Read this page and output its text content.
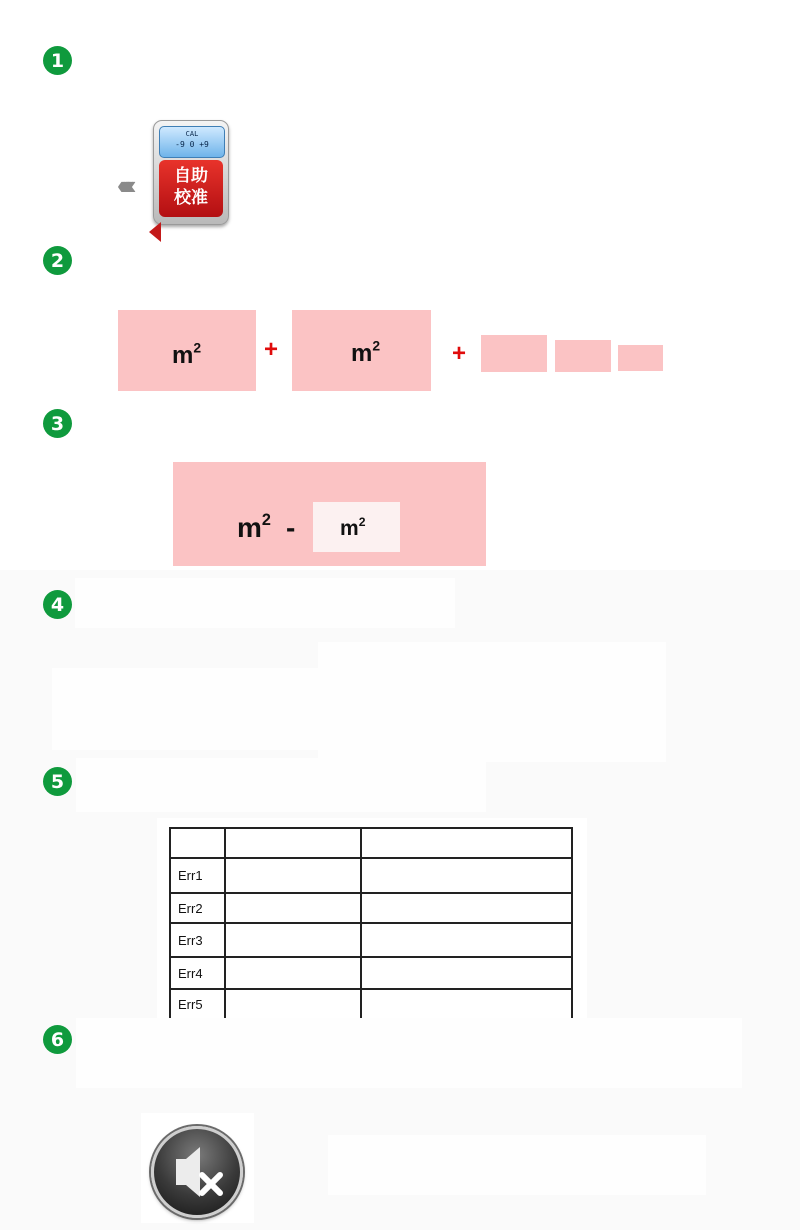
1
2
3
4
5
6
«««
CAL
-9 0 +9
自助
校准
$m^2$	+	$m^2$	+
$m^2 - m^2$

Err1		
Err2		
Err3		
Err4		
Err5		
